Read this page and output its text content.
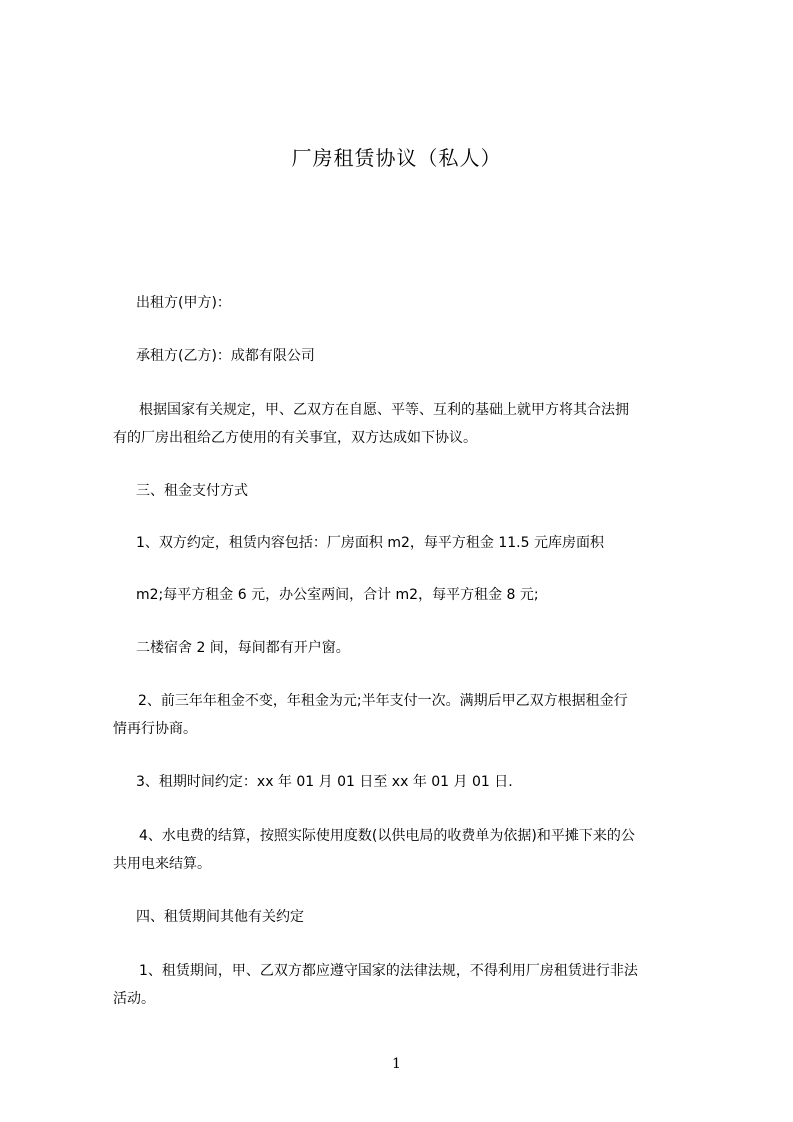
厂房租赁协议（私人）
出租方(甲方)：
承租方(乙方)：成都有限公司
根据国家有关规定，甲、乙双方在自愿、平等、互利的基础上就甲方将其合法拥
有的厂房出租给乙方使用的有关事宜，双方达成如下协议。
三、租金支付方式
1、双方约定，租赁内容包括：厂房面积 m2，每平方租金 11.5 元库房面积
m2;每平方租金 6 元，办公室两间，合计 m2，每平方租金 8 元;
二楼宿舍 2 间，每间都有开户窗。
2、前三年年租金不变，年租金为元;半年支付一次。满期后甲乙双方根据租金行
情再行协商。
3、租期时间约定：xx 年 01 月 01 日至 xx 年 01 月 01 日.
4、水电费的结算，按照实际使用度数(以供电局的收费单为依据)和平摊下来的公
共用电来结算。
四、租赁期间其他有关约定
1、租赁期间，甲、乙双方都应遵守国家的法律法规，不得利用厂房租赁进行非法
活动。
1
